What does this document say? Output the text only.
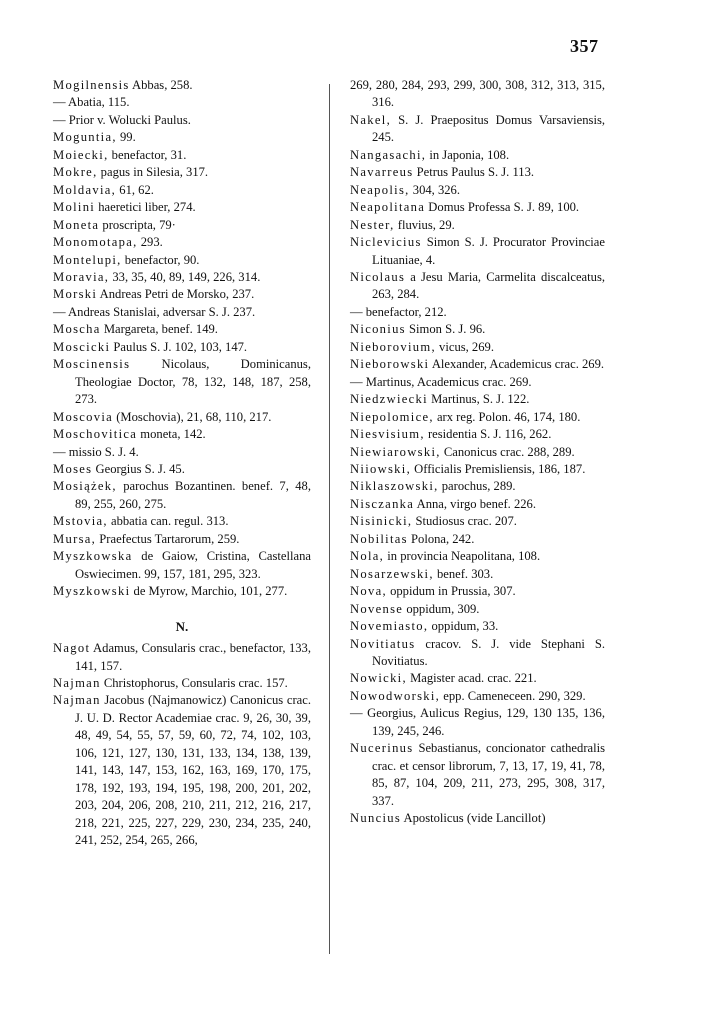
357
Mogilnensis Abbas, 258.
— Abatia, 115.
— Prior v. Wolucki Paulus.
Moguntia, 99.
Moiecki, benefactor, 31.
Mokre, pagus in Silesia, 317.
Moldavia, 61, 62.
Molini haeretici liber, 274.
Moneta proscripta, 79·
Monomotapa, 293.
Montelupi, benefactor, 90.
Moravia, 33, 35, 40, 89, 149, 226, 314.
Morski Andreas Petri de Morsko, 237.
— Andreas Stanislai, adversar S. J. 237.
Moscha Margareta, benef. 149.
Moscicki Paulus S. J. 102, 103, 147.
Moscinensis Nicolaus, Dominicanus, Theologiae Doctor, 78, 132, 148, 187, 258, 273.
Moscovia (Moschovia), 21, 68, 110, 217.
Moschovitica moneta, 142.
— missio S. J. 4.
Moses Georgius S. J. 45.
Mosiążek, parochus Bozantinen. benef. 7, 48, 89, 255, 260, 275.
Mstovia, abbatia can. regul. 313.
Mursa, Praefectus Tartarorum, 259.
Myszkowska de Gaiow, Cristina, Castellana Oswiecimen. 99, 157, 181, 295, 323.
Myszkowski de Myrow, Marchio, 101, 277.
N.
Nagot Adamus, Consularis crac., benefactor, 133, 141, 157.
Najman Christophorus, Consularis crac. 157.
Najman Jacobus (Najmanowicz) Canonicus crac. J. U. D. Rector Academiae crac. 9, 26, 30, 39, 48, 49, 54, 55, 57, 59, 60, 72, 74, 102, 103, 106, 121, 127, 130, 131, 133, 134, 138, 139, 141, 143, 147, 153, 162, 163, 169, 170, 175, 178, 192, 193, 194, 195, 198, 200, 201, 202, 203, 204, 206, 208, 210, 211, 212, 216, 217, 218, 221, 225, 227, 229, 230, 234, 235, 240, 241, 252, 254, 265, 266,
269, 280, 284, 293, 299, 300, 308, 312, 313, 315, 316.
Nakel, S. J. Praepositus Domus Varsaviensis, 245.
Nangasachi, in Japonia, 108.
Navarreus Petrus Paulus S. J. 113.
Neapolis, 304, 326.
Neapolitana Domus Professa S. J. 89, 100.
Nester, fluvius, 29.
Niclevicius Simon S. J. Procurator Provinciae Lituaniae, 4.
Nicolaus a Jesu Maria, Carmelita discalceatus, 263, 284.
— benefactor, 212.
Niconius Simon S. J. 96.
Nieborovium, vicus, 269.
Nieborowski Alexander, Academicus crac. 269.
— Martinus, Academicus crac. 269.
Niedzwiecki Martinus, S. J. 122.
Niepolomice, arx reg. Polon. 46, 174, 180.
Niesvisium, residentia S. J. 116, 262.
Niewiarowski, Canonicus crac. 288, 289.
Niiowski, Officialis Premisliensis, 186, 187.
Niklaszowski, parochus, 289.
Nisczanka Anna, virgo benef. 226.
Nisinicki, Studiosus crac. 207.
Nobilitas Polona, 242.
Nola, in provincia Neapolitana, 108.
Nosarzewski, benef. 303.
Nova, oppidum in Prussia, 307.
Novense oppidum, 309.
Novemiasto, oppidum, 33.
Novitiatus cracov. S. J. vide Stephani S. Novitiatus.
Nowicki, Magister acad. crac. 221.
Nowodworski, epp. Cameneceen. 290, 329.
— Georgius, Aulicus Regius, 129, 130 135, 136, 139, 245, 246.
Nucerinus Sebastianus, concionator cathedralis crac. et censor librorum, 7, 13, 17, 19, 41, 78, 85, 87, 104, 209, 211, 273, 295, 308, 317, 337.
Nuncius Apostolicus (vide Lancillot)
